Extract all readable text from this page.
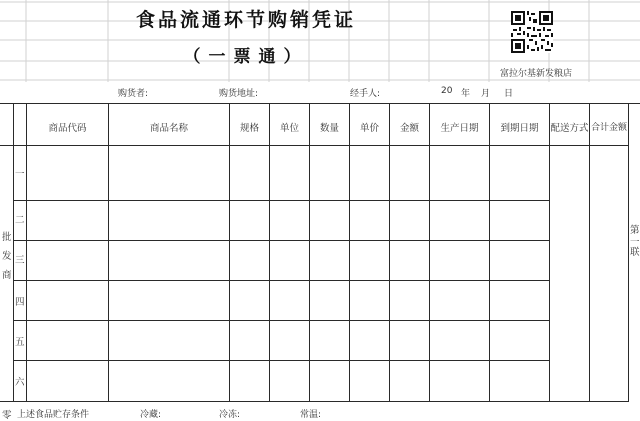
食品流通环节购销凭证
（一票通）
富拉尔基新发粮店
购货者:	购货地址:	经手人:	20 年 月 日
商品代码	商品名称	规格	单位	数量	单价	金额	生产日期	到期日期	配送方式 合计金额
一
二
三
四
五
六
批
发
商
第
一
联
零 上述食品贮存条件	冷藏:	冷冻:	常温:
